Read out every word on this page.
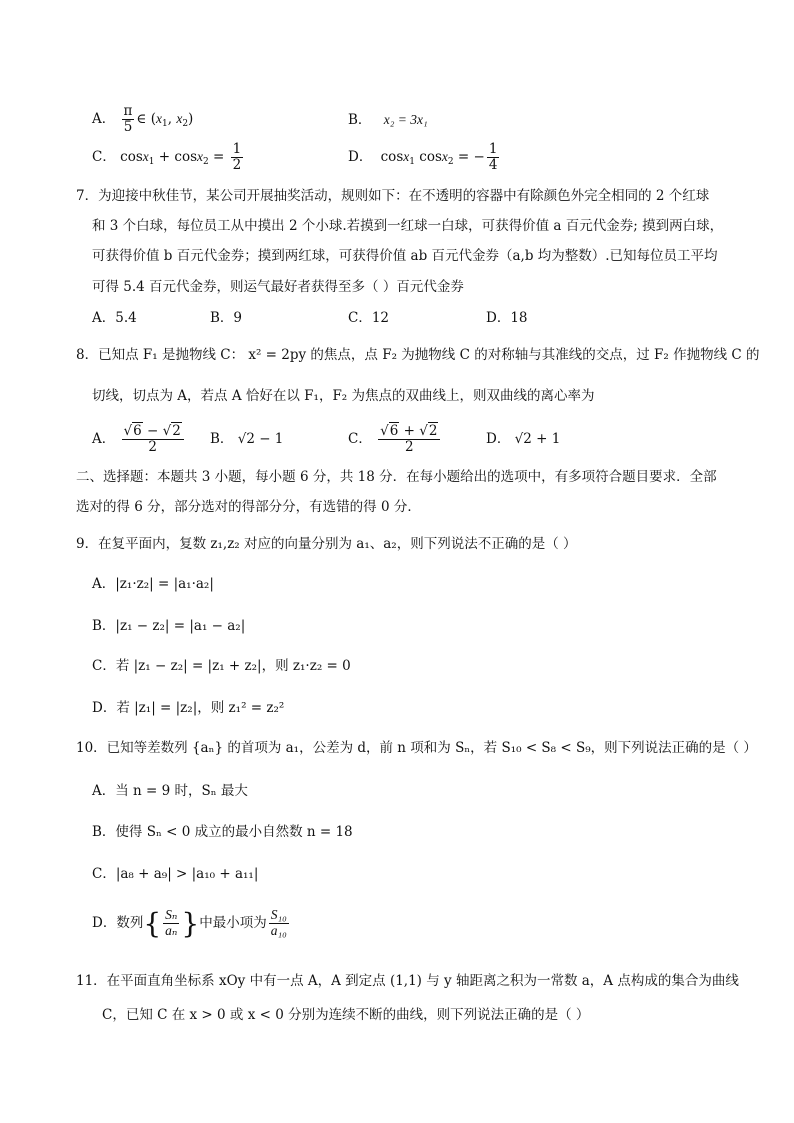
A． $\frac{\pi}{5}$ ∈ ($x_1$, $x_2$)	B． x₂ = 3x₁
C． $\cos x_1 + \cos x_2 = \frac{1}{2}$	D． cosx$_1$ cosx$_2$ = − $\frac{1}{4}$
7．为迎接中秋佳节，某公司开展抽奖活动，规则如下：在不透明的容器中有除颜色外完全相同的 2 个红球
和 3 个白球，每位员工从中摸出 2 个小球.若摸到一红球一白球，可获得价值 a 百元代金券; 摸到两白球，
可获得价值 b 百元代金券；摸到两红球，可获得价值 ab 百元代金券（a,b 均为整数）.已知每位员工平均
可得 5.4 百元代金券，则运气最好者获得至多（ ）百元代金券
A．5.4	B．9	C．12	D．18
8．已知点 F₁ 是抛物线 C： x² = 2py 的焦点，点 F₂ 为抛物线 C 的对称轴与其准线的交点，过 F₂ 作抛物线 C 的
切线，切点为 A，若点 A 恰好在以 F₁，F₂ 为焦点的双曲线上，则双曲线的离心率为
A． $\frac{√6 - √2}{2}$ B． √2 − 1	C． $\frac{√6 + √2}{2}$	D． √2 + 1
二、选择题：本题共 3 小题，每小题 6 分，共 18 分．在每小题给出的选项中，有多项符合题目要求．全部
选对的得 6 分，部分选对的得部分分，有选错的得 0 分．
9．在复平面内，复数 z₁,z₂ 对应的向量分别为 a₁、a₂，则下列说法不正确的是（ ）
A．|z₁·z₂| = |a₁·a₂|
B．|z₁ − z₂| = |a₁ − a₂|
C．若 |z₁ − z₂| = |z₁ + z₂|，则 z₁·z₂ = 0
D．若 |z₁| = |z₂|，则 z₁² = z₂²
10．已知等差数列 {aₙ} 的首项为 a₁，公差为 d，前 n 项和为 Sₙ，若 S₁₀ < S₈ < S₉，则下列说法正确的是（ ）
A．当 n = 9 时，Sₙ 最大
B．使得 Sₙ < 0 成立的最小自然数 n = 18
C．|a₈ + a₉| > |a₁₀ + a₁₁|
D．数列{ $\frac{\text{Sₙ}}{\text{aₙ}}$ }中最小项为 $\frac{\text{S₁₀}}{\text{a₁₀}}$
11．在平面直角坐标系 xOy 中有一点 A，A 到定点 (1,1) 与 y 轴距离之积为一常数 a，A 点构成的集合为曲线
C，已知 C 在 x > 0 或 x < 0 分别为连续不断的曲线，则下列说法正确的是（ ）
